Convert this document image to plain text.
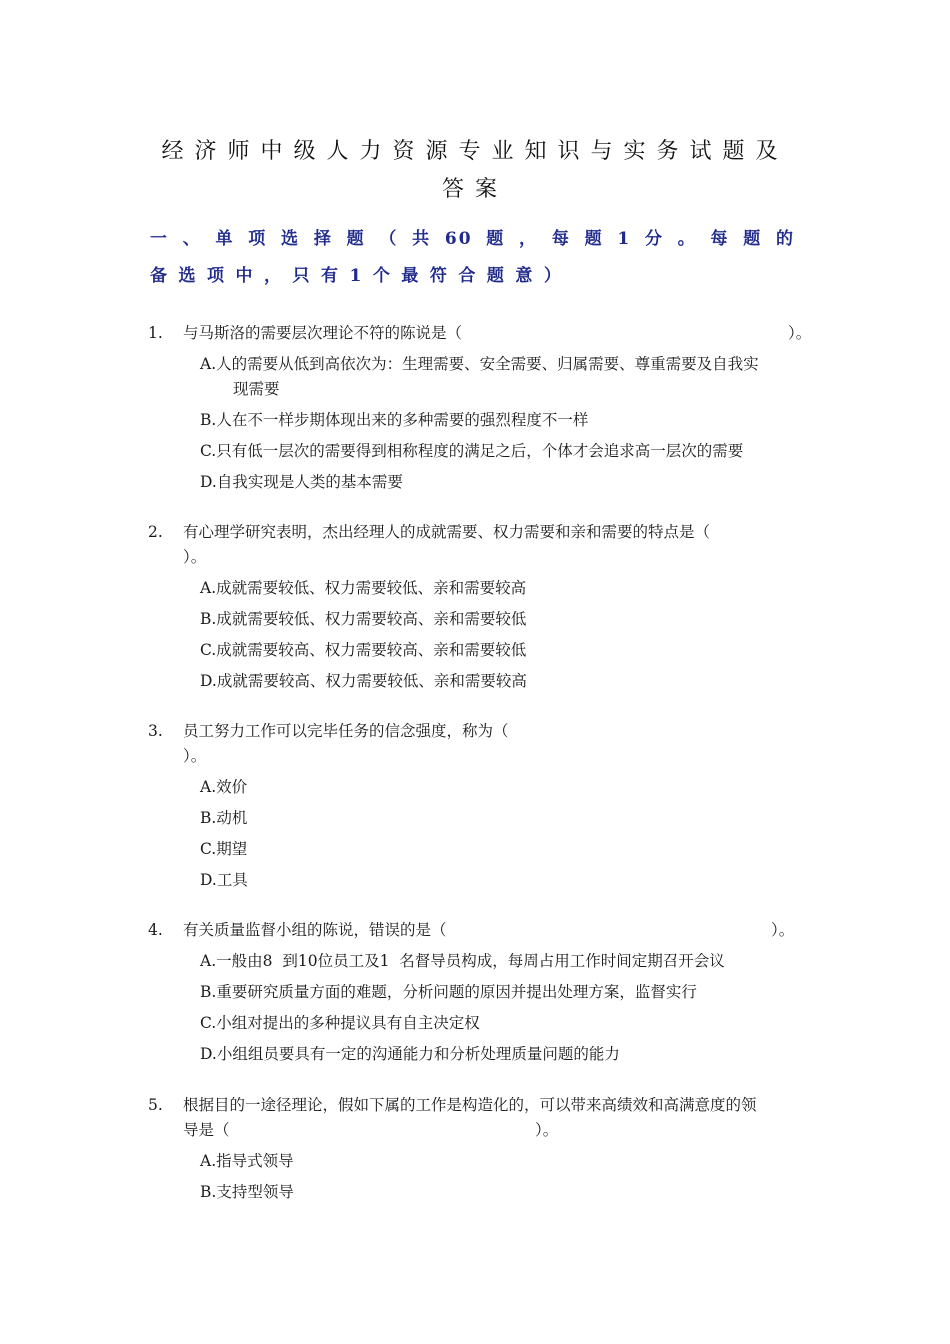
经济师中级人力资源专业知识与实务试题及
答案
一、单项选择题（共60题，每题1分。每题的
备选项中，只有1个最符合题意）
1. 与马斯洛的需要层次理论不符的陈说是（	）。
A.人的需要从低到高依次为：生理需要、安全需要、归属需要、尊重需要及自我实
现需要
B.人在不一样步期体现出来的多种需要的强烈程度不一样
C.只有低一层次的需要得到相称程度的满足之后，个体才会追求高一层次的需要
D.自我实现是人类的基本需要
2. 有心理学研究表明，杰出经理人的成就需要、权力需要和亲和需要的特点是（
）。
A.成就需要较低、权力需要较低、亲和需要较高
B.成就需要较低、权力需要较高、亲和需要较低
C.成就需要较高、权力需要较高、亲和需要较低
D.成就需要较高、权力需要较低、亲和需要较高
3. 员工努力工作可以完毕任务的信念强度，称为（
）。
A.效价
B.动机
C.期望
D.工具
4. 有关质量监督小组的陈说，错误的是（	）。
A.一般由8  到10位员工及1  名督导员构成，每周占用工作时间定期召开会议
B.重要研究质量方面的难题，分析问题的原因并提出处理方案，监督实行
C.小组对提出的多种提议具有自主决定权
D.小组组员要具有一定的沟通能力和分析处理质量问题的能力
5. 根据目的一途径理论，假如下属的工作是构造化的，可以带来高绩效和高满意度的领
导是（	）。
A.指导式领导
B.支持型领导
